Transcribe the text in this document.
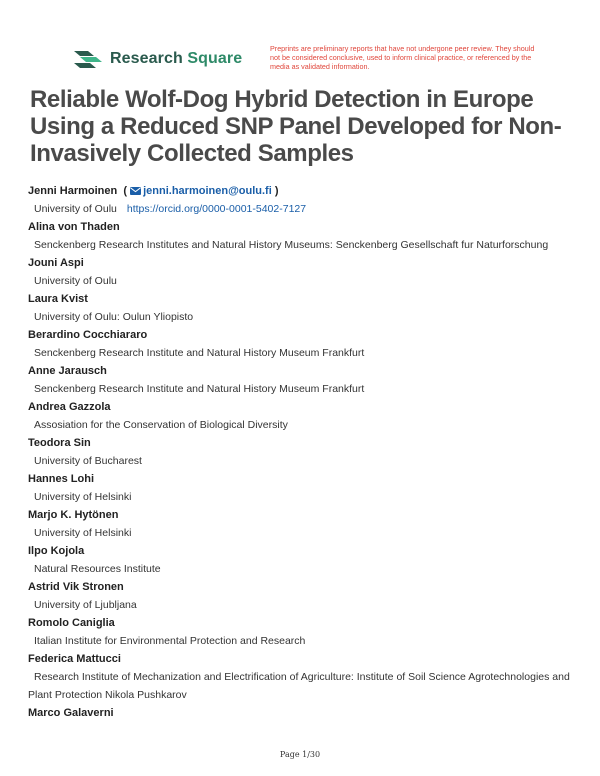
Research Square
Preprints are preliminary reports that have not undergone peer review. They should not be considered conclusive, used to inform clinical practice, or referenced by the media as validated information.
Reliable Wolf-Dog Hybrid Detection in Europe Using a Reduced SNP Panel Developed for Non-Invasively Collected Samples
Jenni Harmoinen ( jenni.harmoinen@oulu.fi )
University of Oulu https://orcid.org/0000-0001-5402-7127
Alina von Thaden
Senckenberg Research Institutes and Natural History Museums: Senckenberg Gesellschaft fur Naturforschung
Jouni Aspi
University of Oulu
Laura Kvist
University of Oulu: Oulun Yliopisto
Berardino Cocchiararo
Senckenberg Research Institute and Natural History Museum Frankfurt
Anne Jarausch
Senckenberg Research Institute and Natural History Museum Frankfurt
Andrea Gazzola
Assosiation for the Conservation of Biological Diversity
Teodora Sin
University of Bucharest
Hannes Lohi
University of Helsinki
Marjo K. Hytönen
University of Helsinki
Ilpo Kojola
Natural Resources Institute
Astrid Vik Stronen
University of Ljubljana
Romolo Caniglia
Italian Institute for Environmental Protection and Research
Federica Mattucci
Research Institute of Mechanization and Electrification of Agriculture: Institute of Soil Science Agrotechnologies and Plant Protection Nikola Pushkarov
Marco Galaverni
Page 1/30
